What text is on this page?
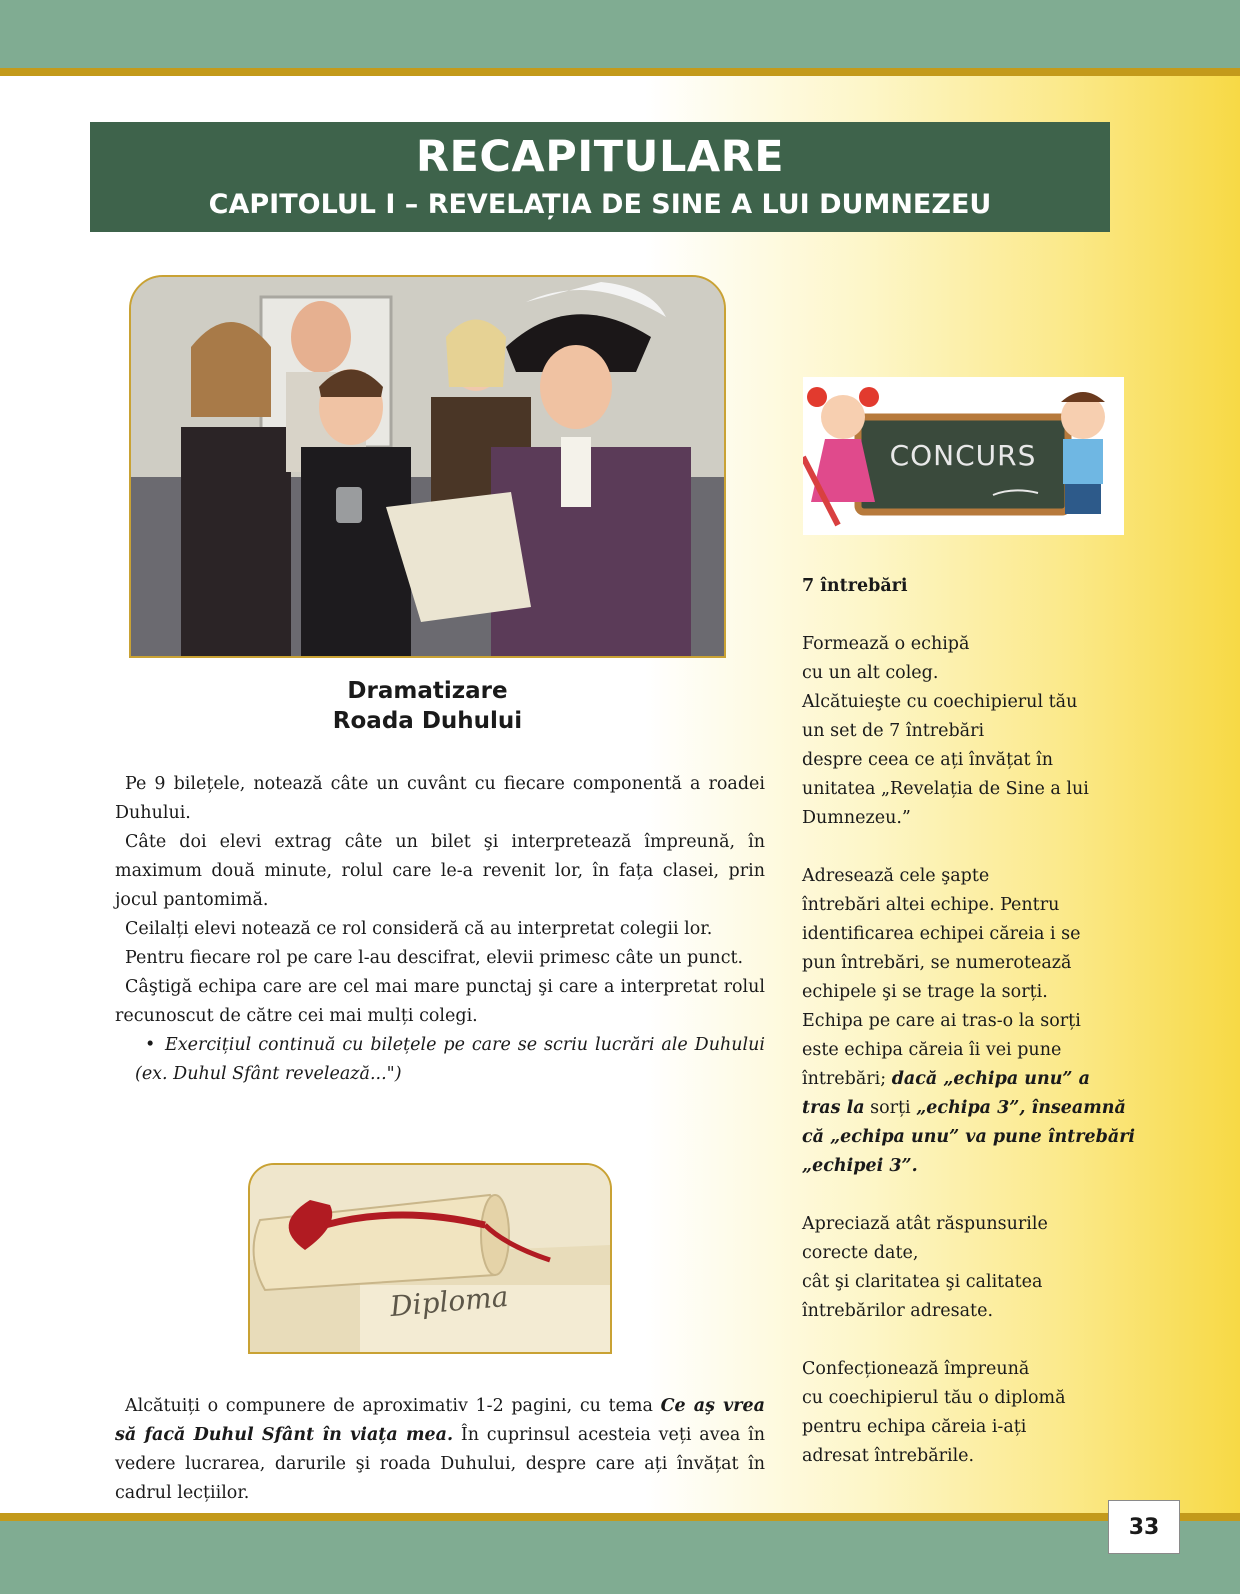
RECAPITULARE
CAPITOLUL I – REVELAȚIA DE SINE A LUI DUMNEZEU
Dramatizare
Roada Duhului

Pe 9 bilețele, notează câte un cuvânt cu fiecare componentă a roadei Duhului.

Câte doi elevi extrag câte un bilet şi interpretează împreună, în maximum două minute, rolul care le-a revenit lor, în fața clasei, prin jocul pantomimă.

Ceilalți elevi notează ce rol consideră că au interpretat colegii lor.

Pentru fiecare rol pe care l-au descifrat, elevii primesc câte un punct.

Câştigă echipa care are cel mai mare punctaj şi care a interpretat rolul recunoscut de către cei mai mulți colegi.

• Exercițiul continuă cu bilețele pe care se scriu lucrări ale Duhului (ex. Duhul Sfânt revelează...")

Diploma

Alcătuiți o compunere de aproximativ 1-2 pagini, cu tema Ce aş vrea să facă Duhul Sfânt în viața mea. În cuprinsul acesteia veți avea în vedere lucrarea, darurile şi roada Duhului, despre care ați învățat în cadrul lecțiilor.

CONCURS
7 întrebări
Formează o echipă
cu un alt coleg.
Alcătuieşte cu coechipierul tău
un set de 7 întrebări
despre ceea ce ați învățat în
unitatea „Revelația de Sine a lui
Dumnezeu.”
Adresează cele şapte
întrebări altei echipe. Pentru
identificarea echipei căreia i se
pun întrebări, se numerotează
echipele şi se trage la sorți.
Echipa pe care ai tras-o la sorți
este echipa căreia îi vei pune
întrebări; dacă „echipa unu” a
tras la sorți „echipa 3”, înseamnă
că „echipa unu” va pune întrebări
„echipei 3”.
Apreciază atât răspunsurile
corecte date,
cât şi claritatea şi calitatea
întrebărilor adresate.
Confecționează împreună
cu coechipierul tău o diplomă
pentru echipa căreia i-ați
adresat întrebările.
33
